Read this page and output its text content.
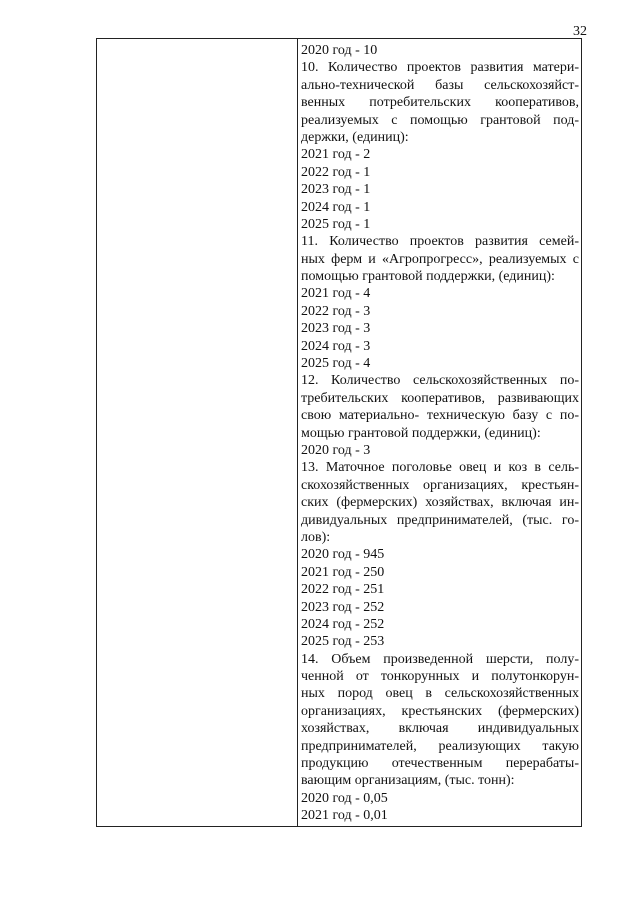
32
2020 год - 10
10. Количество проектов развития матери-
ально-технической базы сельскохозяйст-
венных потребительских кооперативов,
реализуемых с помощью грантовой под-
держки, (единиц):
2021 год - 2
2022 год - 1
2023 год - 1
2024 год - 1
2025 год - 1
11. Количество проектов развития семей-
ных ферм и «Агропрогресс», реализуемых с
помощью грантовой поддержки, (единиц):
2021 год - 4
2022 год - 3
2023 год - 3
2024 год - 3
2025 год - 4
12. Количество сельскохозяйственных по-
требительских кооперативов, развивающих
свою материально- техническую базу с по-
мощью грантовой поддержки, (единиц):
2020 год - 3
13. Маточное поголовье овец и коз в сель-
скохозяйственных организациях, крестьян-
ских (фермерских) хозяйствах, включая ин-
дивидуальных предпринимателей, (тыс. го-
лов):
2020 год - 945
2021 год - 250
2022 год - 251
2023 год - 252
2024 год - 252
2025 год - 253
14. Объем произведенной шерсти, полу-
ченной от тонкорунных и полутонкорун-
ных пород овец в сельскохозяйственных
организациях, крестьянских (фермерских)
хозяйствах, включая индивидуальных
предпринимателей, реализующих такую
продукцию отечественным перерабаты-
вающим организациям, (тыс. тонн):
2020 год - 0,05
2021 год - 0,01
